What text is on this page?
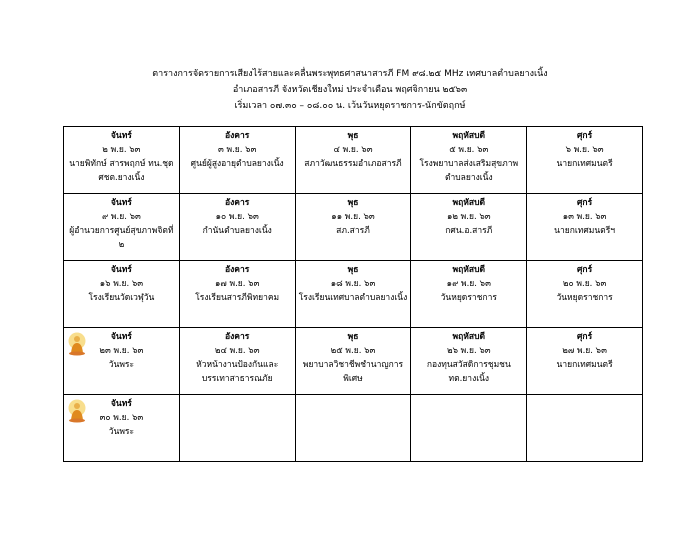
ตารางการจัดรายการเสียงไร้สายและคลื่นพระพุทธศาสนาสารภี FM ๙๘.๒๕ MHz เทศบาลตำบลยางเนิ้ง
อำเภอสารภี จังหวัดเชียงใหม่ ประจำเดือน พฤศจิกายน ๒๕๖๓
เริ่มเวลา ๐๗.๓๐ – ๐๘.๐๐ น. เว้นวันหยุดราชการ-นักขัตฤกษ์
จันทร์
๒ พ.ย. ๖๓
นายพิทักษ์ สารพฤกษ์ ทน.ชุด ศชต.ยางเนิ้ง	อังคาร
๓ พ.ย. ๖๓
ศูนย์ผู้สูงอายุตำบลยางเนิ้ง	พุธ
๔ พ.ย. ๖๓
สภาวัฒนธรรมอำเภอสารภี	พฤหัสบดี
๕ พ.ย. ๖๓
โรงพยาบาลส่งเสริมสุขภาพตำบลยางเนิ้ง	ศุกร์
๖ พ.ย. ๖๓
นายกเทศมนตรี

จันทร์
๙ พ.ย. ๖๓
ผู้อำนวยการศูนย์สุขภาพจิตที่ ๒	อังคาร
๑๐ พ.ย. ๖๓
กำนันตำบลยางเนิ้ง	พุธ
๑๑ พ.ย. ๖๓
สภ.สารภี	พฤหัสบดี
๑๒ พ.ย. ๖๓
กศน.อ.สารภี	ศุกร์
๑๓ พ.ย. ๖๓
นายกเทศมนตรีฯ

จันทร์
๑๖ พ.ย. ๖๓
โรงเรียนวัดเวฬุวัน	อังคาร
๑๗ พ.ย. ๖๓
โรงเรียนสารภีพิทยาคม	พุธ
๑๘ พ.ย. ๖๓
โรงเรียนเทศบาลตำบลยางเนิ้ง	พฤหัสบดี
๑๙ พ.ย. ๖๓
วันหยุดราชการ	ศุกร์
๒๐ พ.ย. ๖๓
วันหยุดราชการ

จันทร์
๒๓ พ.ย. ๖๓
วันพระ	อังคาร
๒๔ พ.ย. ๖๓
หัวหน้างานป้องกันและบรรเทาสาธารณภัย	พุธ
๒๕ พ.ย. ๖๓
พยาบาลวิชาชีพชำนาญการพิเศษ	พฤหัสบดี
๒๖ พ.ย. ๖๓
กองทุนสวัสดิการชุมชน ทต.ยางเนิ้ง	ศุกร์
๒๗ พ.ย. ๖๓
นายกเทศมนตรี

จันทร์
๓๐ พ.ย. ๖๓
วันพระ				
